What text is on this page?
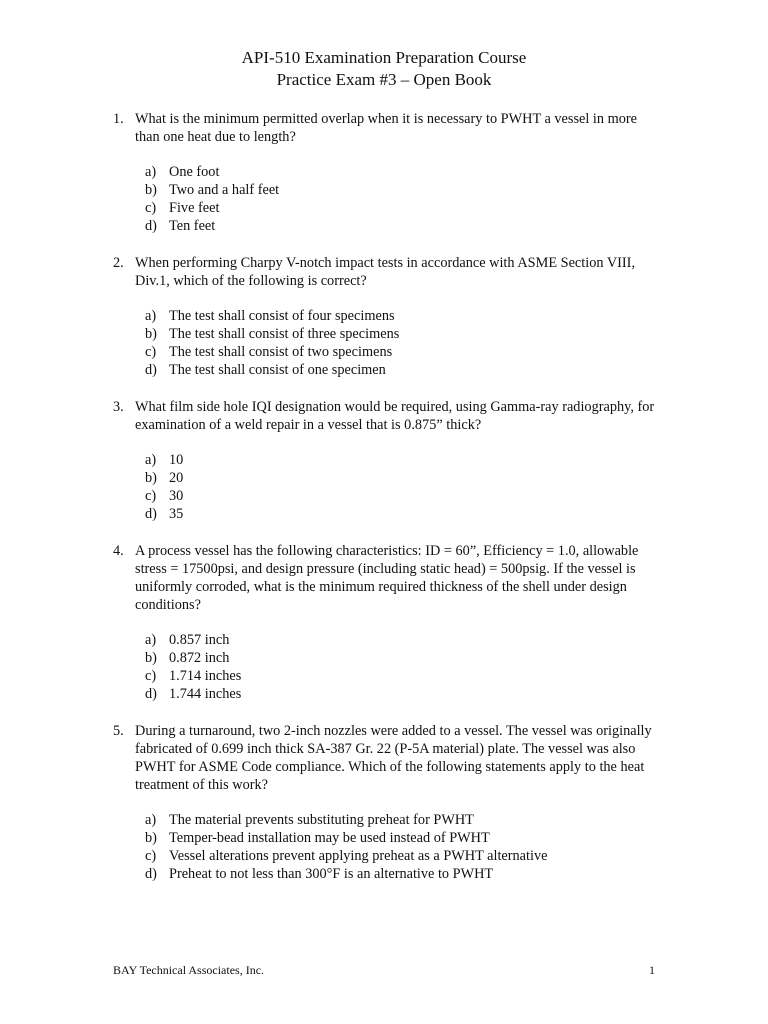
API-510 Examination Preparation Course
Practice Exam #3 – Open Book
1. What is the minimum permitted overlap when it is necessary to PWHT a vessel in more than one heat due to length?
a) One foot
b) Two and a half feet
c) Five feet
d) Ten feet
2. When performing Charpy V-notch impact tests in accordance with ASME Section VIII, Div.1, which of the following is correct?
a) The test shall consist of four specimens
b) The test shall consist of three specimens
c) The test shall consist of two specimens
d) The test shall consist of one specimen
3. What film side hole IQI designation would be required, using Gamma-ray radiography, for examination of a weld repair in a vessel that is 0.875” thick?
a) 10
b) 20
c) 30
d) 35
4. A process vessel has the following characteristics: ID = 60”, Efficiency = 1.0, allowable stress = 17500psi, and design pressure (including static head) = 500psig. If the vessel is uniformly corroded, what is the minimum required thickness of the shell under design conditions?
a) 0.857 inch
b) 0.872 inch
c) 1.714 inches
d) 1.744 inches
5. During a turnaround, two 2-inch nozzles were added to a vessel. The vessel was originally fabricated of 0.699 inch thick SA-387 Gr. 22 (P-5A material) plate. The vessel was also PWHT for ASME Code compliance. Which of the following statements apply to the heat treatment of this work?
a) The material prevents substituting preheat for PWHT
b) Temper-bead installation may be used instead of PWHT
c) Vessel alterations prevent applying preheat as a PWHT alternative
d) Preheat to not less than 300°F is an alternative to PWHT
BAY Technical Associates, Inc.	1
